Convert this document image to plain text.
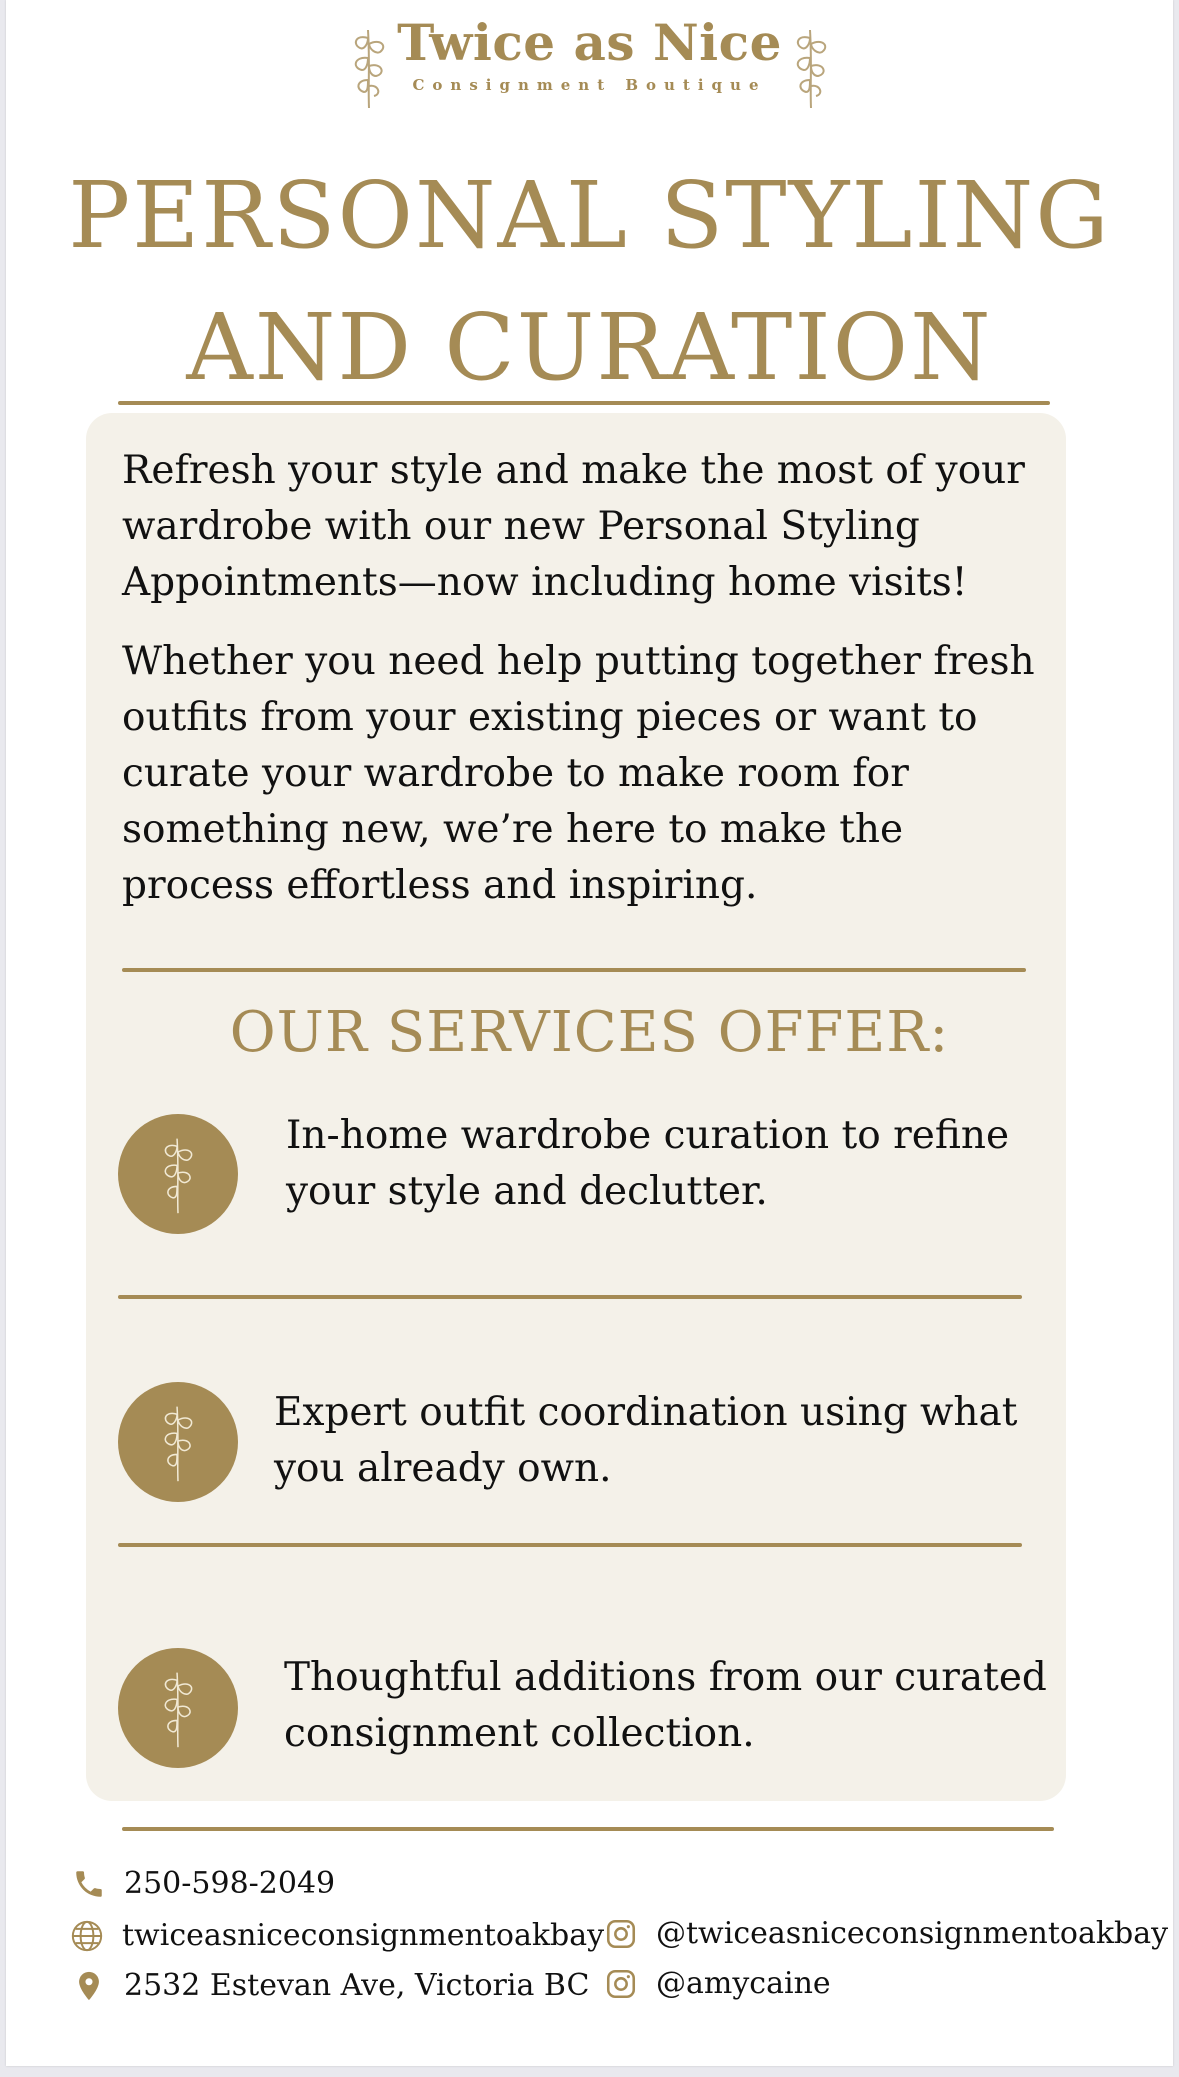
Twice as Nice
Consignment Boutique
PERSONAL STYLING
AND CURATION

Refresh your style and make the most of your wardrobe with our new Personal Styling Appointments—now including home visits!

Whether you need help putting together fresh outfits from your existing pieces or want to curate your wardrobe to make room for something new, we’re here to make the process effortless and inspiring.

OUR SERVICES OFFER:

In-home wardrobe curation to refine your style and declutter.

Expert outfit coordination using what you already own.

Thoughtful additions from our curated consignment collection.

250-598-2049
twiceasniceconsignmentoakbay
2532 Estevan Ave, Victoria BC
@twiceasniceconsignmentoakbay
@amycaine
